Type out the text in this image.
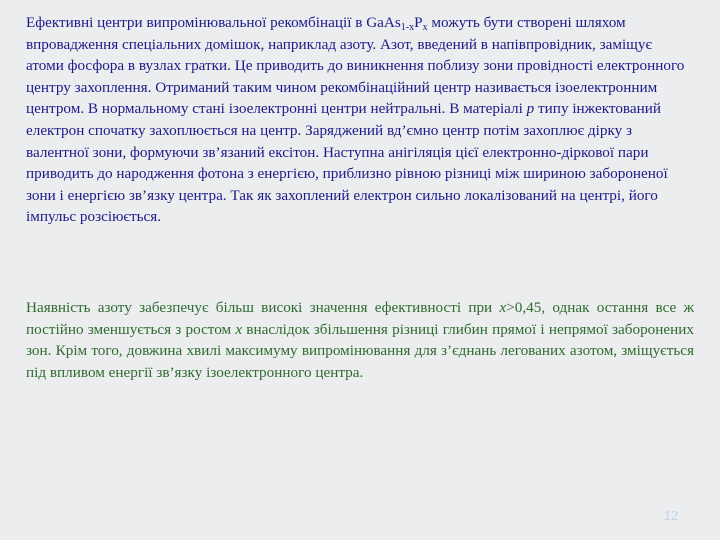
Ефективні центри випромінювальної рекомбінації в $GaAs_{1-x}P_x$ можуть бути створені шляхом впровадження спеціальних домішок, наприклад азоту. Азот, введений в напівпровідник, заміщує атоми фосфора в вузлах гратки. Це приводить до виникнення поблизу зони провідності електронного центру захоплення. Отриманий таким чином рекомбінаційний центр називається ізоелектронним центром. В нормальному стані ізоелектронні центри нейтральні. В матеріалі р типу інжектований електрон спочатку захоплюється на центр. Заряджений вд’ємно центр потім захоплює дірку з валентної зони, формуючи зв’язаний ексітон. Наступна анігіляція цієї електронно-діркової пари приводить до народження фотона з енергією, приблизно рівною різниці між шириною забороненої зони і енергією зв’язку центра. Так як захоплений електрон сильно локалізований на центрі, його імпульс розсіюється.

Наявність азоту забезпечує більш високі значення ефективності при x>0,45, однак остання все ж постійно зменшується з ростом х внаслідок збільшення різниці глибин прямої і непрямої заборонених зон. Крім того, довжина хвилі максимуму випромінювання для з’єднань легованих азотом, зміщується під впливом енергії зв’язку ізоелектронного центра.

12
